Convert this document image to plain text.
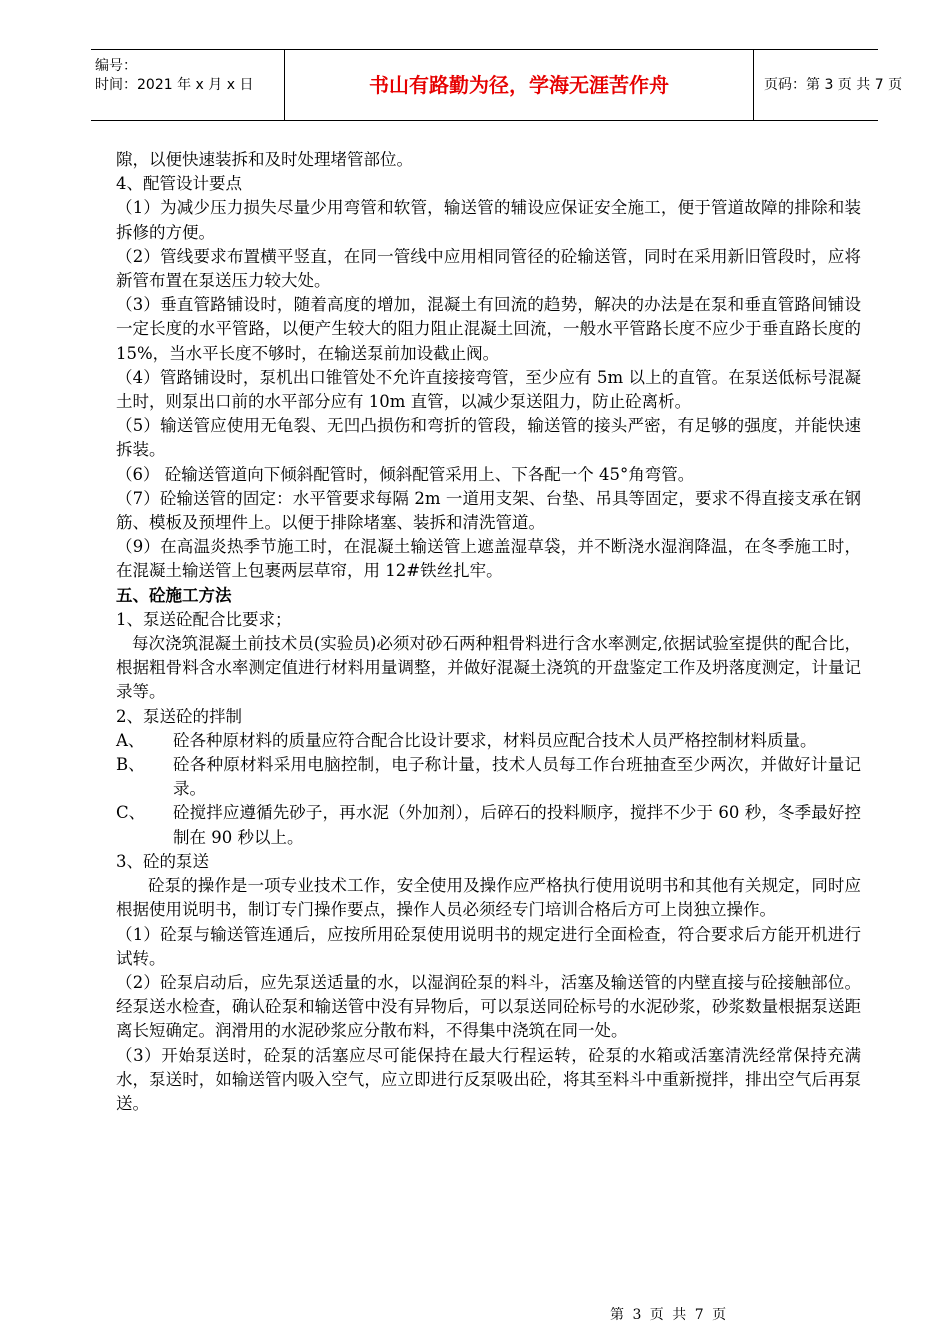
编号：
时间：2021 年 x 月 x 日	书山有路勤为径，学海无涯苦作舟	页码：第 3 页 共 7 页

隙，以便快速装拆和及时处理堵管部位。

4、配管设计要点

（1）为减少压力损失尽量少用弯管和软管，输送管的辅设应保证安全施工，便于管道故障的排除和装拆修的方便。

（2）管线要求布置横平竖直，在同一管线中应用相同管径的砼输送管，同时在采用新旧管段时，应将新管布置在泵送压力较大处。

（3）垂直管路铺设时，随着高度的增加，混凝土有回流的趋势，解决的办法是在泵和垂直管路间铺设一定长度的水平管路，以便产生较大的阻力阻止混凝土回流，一般水平管路长度不应少于垂直路长度的 15%，当水平长度不够时，在输送泵前加设截止阀。

（4）管路铺设时，泵机出口锥管处不允许直接接弯管，至少应有 5m 以上的直管。在泵送低标号混凝土时，则泵出口前的水平部分应有 10m 直管，以减少泵送阻力，防止砼离析。

（5）输送管应使用无龟裂、无凹凸损伤和弯折的管段，输送管的接头严密，有足够的强度，并能快速拆装。

（6） 砼输送管道向下倾斜配管时，倾斜配管采用上、下各配一个 45°角弯管。

（7）砼输送管的固定：水平管要求每隔 2m 一道用支架、台垫、吊具等固定，要求不得直接支承在钢筋、模板及预埋件上。以便于排除堵塞、装拆和清洗管道。

（9）在高温炎热季节施工时，在混凝土输送管上遮盖湿草袋，并不断浇水湿润降温，在冬季施工时，在混凝土输送管上包裹两层草帘，用 12#铁丝扎牢。

五、砼施工方法

1、泵送砼配合比要求；

每次浇筑混凝土前技术员(实验员)必须对砂石两种粗骨料进行含水率测定,依据试验室提供的配合比，根据粗骨料含水率测定值进行材料用量调整，并做好混凝土浇筑的开盘鉴定工作及坍落度测定，计量记录等。

2、泵送砼的拌制

A、 砼各种原材料的质量应符合配合比设计要求，材料员应配合技术人员严格控制材料质量。
B、 砼各种原材料采用电脑控制，电子称计量，技术人员每工作台班抽查至少两次，并做好计量记录。
C、 砼搅拌应遵循先砂子，再水泥（外加剂），后碎石的投料顺序，搅拌不少于 60 秒，冬季最好控制在 90 秒以上。

3、砼的泵送

砼泵的操作是一项专业技术工作，安全使用及操作应严格执行使用说明书和其他有关规定，同时应根据使用说明书，制订专门操作要点，操作人员必须经专门培训合格后方可上岗独立操作。

（1）砼泵与输送管连通后，应按所用砼泵使用说明书的规定进行全面检查，符合要求后方能开机进行试转。

（2）砼泵启动后，应先泵送适量的水，以湿润砼泵的料斗，活塞及输送管的内壁直接与砼接触部位。经泵送水检查，确认砼泵和输送管中没有异物后，可以泵送同砼标号的水泥砂浆，砂浆数量根据泵送距离长短确定。润滑用的水泥砂浆应分散布料，不得集中浇筑在同一处。

（3）开始泵送时，砼泵的活塞应尽可能保持在最大行程运转，砼泵的水箱或活塞清洗经常保持充满水，泵送时，如输送管内吸入空气，应立即进行反泵吸出砼，将其至料斗中重新搅拌，排出空气后再泵送。

第 3 页 共 7 页
